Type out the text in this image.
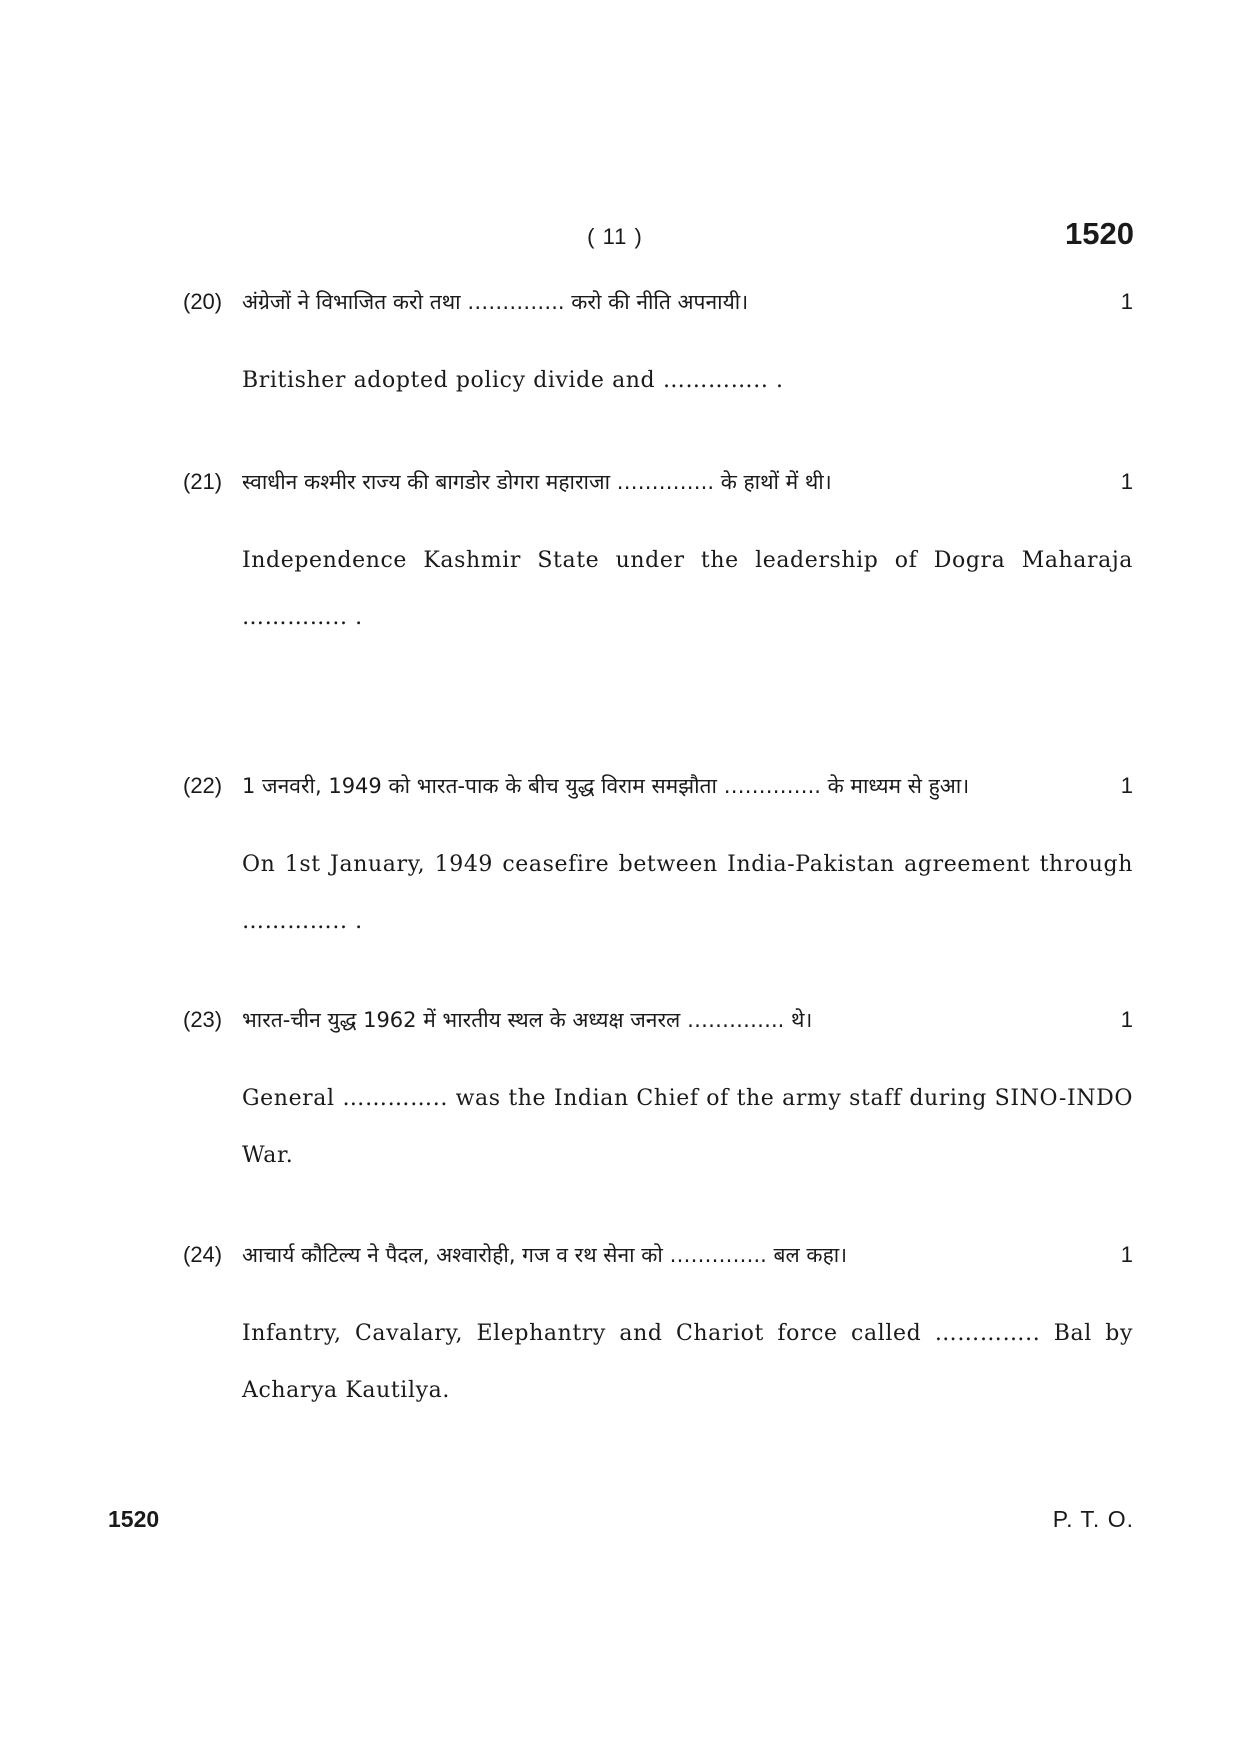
( 11 )	1520
(20) अंग्रेजों ने विभाजित करो तथा ………….. करो की नीति अपनायी।	1
Britisher adopted policy divide and ………….. .
(21) स्वाधीन कश्मीर राज्य की बागडोर डोगरा महाराजा ………….. के हाथों में थी।	1
Independence Kashmir State under the leadership of Dogra Maharaja ………….. .
(22) 1 जनवरी, 1949 को भारत-पाक के बीच युद्ध विराम समझौता ………….. के माध्यम से हुआ।	1
On 1st January, 1949 ceasefire between India-Pakistan agreement through ………….. .
(23) भारत-चीन युद्ध 1962 में भारतीय स्थल के अध्यक्ष जनरल ………….. थे।	1
General ………….. was the Indian Chief of the army staff during SINO-INDO War.
(24) आचार्य कौटिल्य ने पैदल, अश्वारोही, गज व रथ सेना को ………….. बल कहा।	1
Infantry, Cavalary, Elephantry and Chariot force called ………….. Bal by Acharya Kautilya.
1520	P. T. O.
